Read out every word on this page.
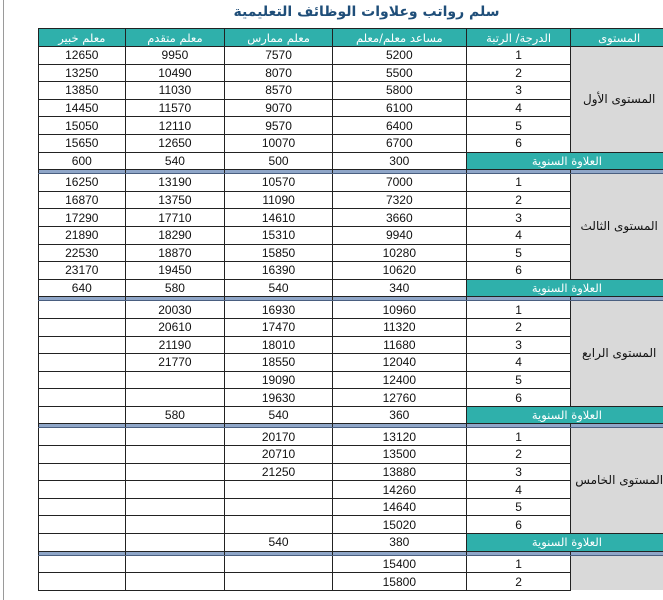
سلم رواتب وعلاوات الوظائف التعليمية
المستوى	الدرجة/ الرتبة	مساعد معلم/معلم	معلم ممارس	معلم متقدم	معلم خبير
المستوى الأول	1	5200	7570	9950	12650
	2	5500	8070	10490	13250
	3	5800	8570	11030	13850
	4	6100	9070	11570	14450
	5	6400	9570	12110	15050
	6	6700	10070	12650	15650
العلاوة السنوية		300	500	540	600

المستوى الثالث	1	7000	10570	13190	16250
	2	7320	11090	13750	16870
	3	3660	14610	17710	17290
	4	9940	15310	18290	21890
	5	10280	15850	18870	22530
	6	10620	16390	19450	23170
العلاوة السنوية		340	540	580	640

المستوى الرابع	1	10960	16930	20030	
	2	11320	17470	20610	
	3	11680	18010	21190	
	4	12040	18550	21770	
	5	12400	19090		
	6	12760	19630		
العلاوة السنوية		360	540	580	

المستوى الخامس	1	13120	20170		
	2	13500	20710		
	3	13880	21250		
	4	14260			
	5	14640			
	6	15020			
العلاوة السنوية		380	540		

	1	15400			
	2	15800			
